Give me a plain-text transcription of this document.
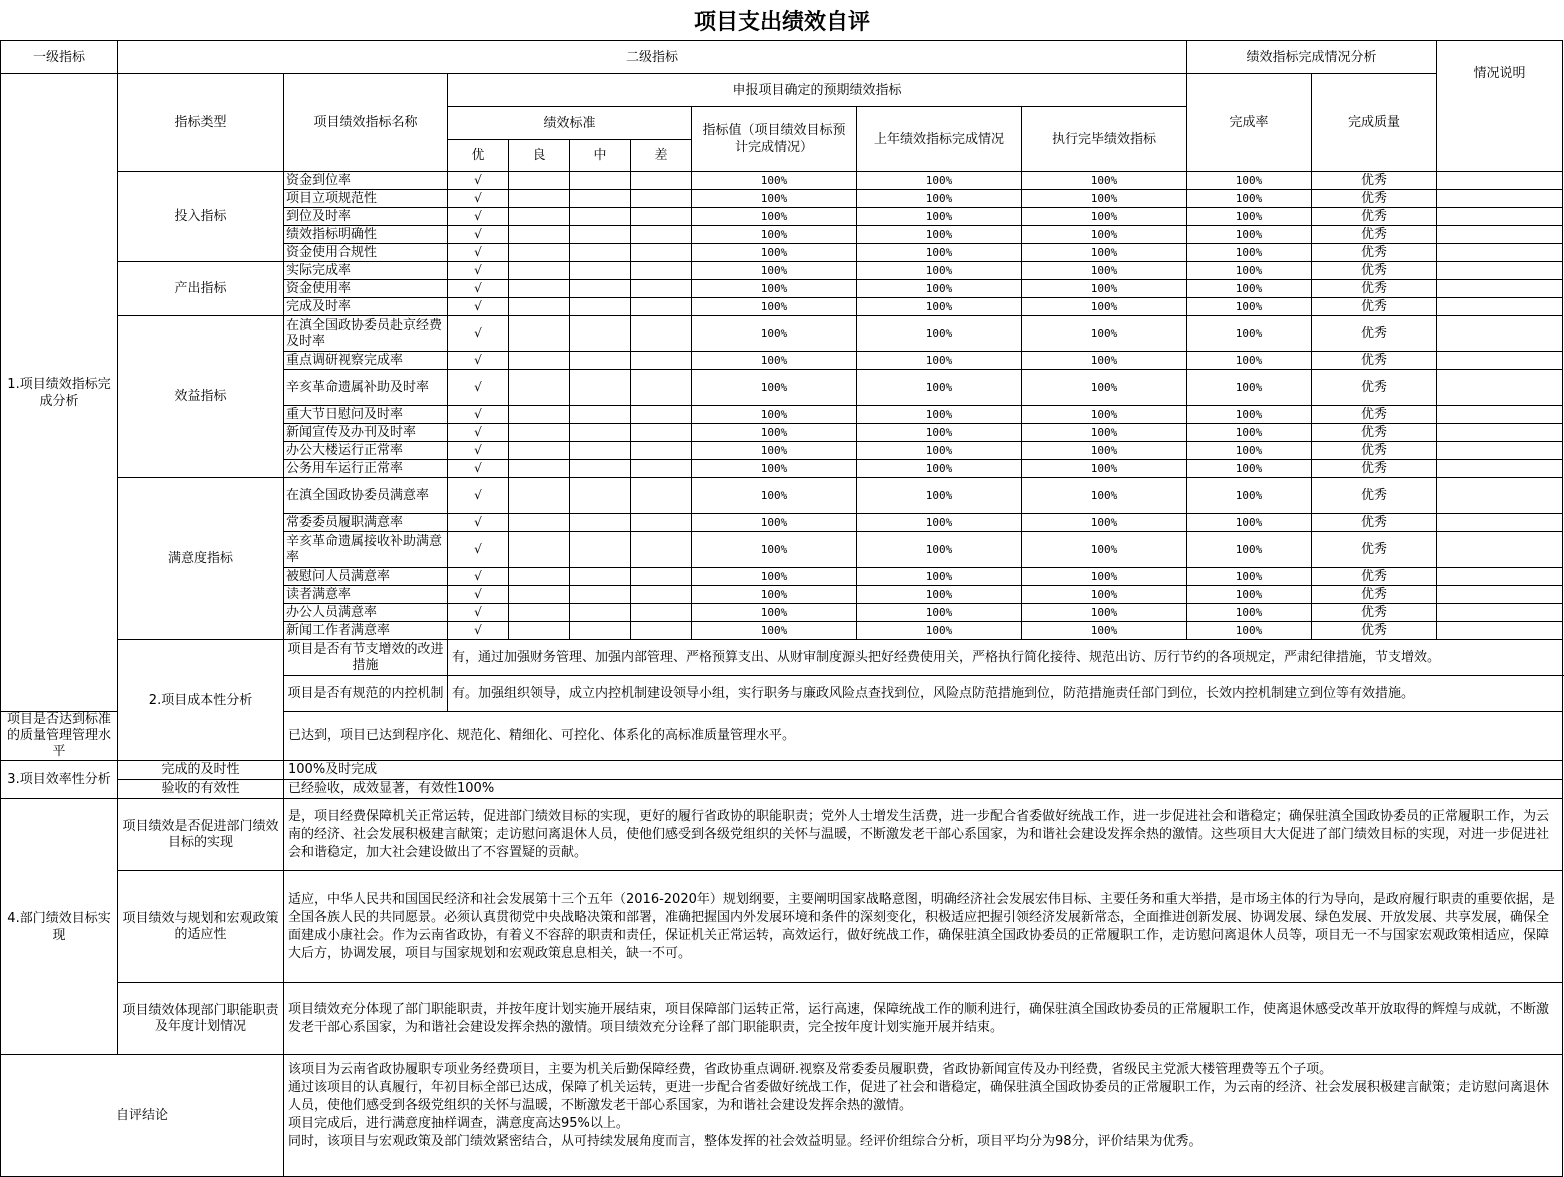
项目支出绩效自评
一级指标	二级指标									绩效指标完成情况分析		情况说明
1.项目绩效指标完成分析	指标类型	项目绩效指标名称	申报项目确定的预期绩效指标							完成率	完成质量	
			绩效标准				指标值（项目绩效目标预计完成情况）	上年绩效指标完成情况	执行完毕绩效指标			
			优	良	中	差						
	投入指标	资金到位率	√				100%	100%	100%	100%	优秀	
		项目立项规范性	√				100%	100%	100%	100%	优秀	
		到位及时率	√				100%	100%	100%	100%	优秀	
		绩效指标明确性	√				100%	100%	100%	100%	优秀	
		资金使用合规性	√				100%	100%	100%	100%	优秀	
	产出指标	实际完成率	√				100%	100%	100%	100%	优秀	
		资金使用率	√				100%	100%	100%	100%	优秀	
		完成及时率	√				100%	100%	100%	100%	优秀	
	效益指标	在滇全国政协委员赴京经费及时率	√				100%	100%	100%	100%	优秀	
		重点调研视察完成率	√				100%	100%	100%	100%	优秀	
		辛亥革命遗属补助及时率	√				100%	100%	100%	100%	优秀	
		重大节日慰问及时率	√				100%	100%	100%	100%	优秀	
		新闻宣传及办刊及时率	√				100%	100%	100%	100%	优秀	
		办公大楼运行正常率	√				100%	100%	100%	100%	优秀	
		公务用车运行正常率	√				100%	100%	100%	100%	优秀	
	满意度指标	在滇全国政协委员满意率	√				100%	100%	100%	100%	优秀	
		常委委员履职满意率	√				100%	100%	100%	100%	优秀	
		辛亥革命遗属接收补助满意率	√				100%	100%	100%	100%	优秀	
		被慰问人员满意率	√				100%	100%	100%	100%	优秀	
		读者满意率	√				100%	100%	100%	100%	优秀	
		办公人员满意率	√				100%	100%	100%	100%	优秀	
		新闻工作者满意率	√				100%	100%	100%	100%	优秀	
	2.项目成本性分析	项目是否有节支增效的改进措施	有，通过加强财务管理、加强内部管理、严格预算支出、从财审制度源头把好经费使用关，严格执行简化接待、规范出访、厉行节约的各项规定，严肃纪律措施，节支增效。									
		项目是否有规范的内控机制	有。加强组织领导，成立内控机制建设领导小组，实行职务与廉政风险点查找到位，风险点防范措施到位，防范措施责任部门到位，长效内控机制建立到位等有效措施。									
项目是否达到标准的质量管理管理水平		已达到，项目已达到程序化、规范化、精细化、可控化、体系化的高标准质量管理水平。										
3.项目效率性分析	完成的及时性	100%及时完成										
	验收的有效性	已经验收，成效显著，有效性100%										
4.部门绩效目标实现	项目绩效是否促进部门绩效目标的实现	是，项目经费保障机关正常运转，促进部门绩效目标的实现，更好的履行省政协的职能职责；党外人士增发生活费，进一步配合省委做好统战工作，进一步促进社会和谐稳定；确保驻滇全国政协委员的正常履职工作，为云南的经济、社会发展积极建言献策；走访慰问离退休人员，使他们感受到各级党组织的关怀与温暖，不断激发老干部心系国家，为和谐社会建设发挥余热的激情。这些项目大大促进了部门绩效目标的实现，对进一步促进社会和谐稳定，加大社会建设做出了不容置疑的贡献。										
	项目绩效与规划和宏观政策的适应性	适应，中华人民共和国国民经济和社会发展第十三个五年（2016-2020年）规划纲要，主要阐明国家战略意图，明确经济社会发展宏伟目标、主要任务和重大举措，是市场主体的行为导向，是政府履行职责的重要依据，是全国各族人民的共同愿景。必须认真贯彻党中央战略决策和部署，准确把握国内外发展环境和条件的深刻变化，积极适应把握引领经济发展新常态，全面推进创新发展、协调发展、绿色发展、开放发展、共享发展，确保全面建成小康社会。作为云南省政协，有着义不容辞的职责和责任，保证机关正常运转，高效运行，做好统战工作，确保驻滇全国政协委员的正常履职工作，走访慰问离退休人员等，项目无一不与国家宏观政策相适应，保障大后方，协调发展，项目与国家规划和宏观政策息息相关，缺一不可。										
	项目绩效体现部门职能职责及年度计划情况	项目绩效充分体现了部门职能职责，并按年度计划实施开展结束，项目保障部门运转正常，运行高速，保障统战工作的顺利进行，确保驻滇全国政协委员的正常履职工作，使离退休感受改革开放取得的辉煌与成就，不断激发老干部心系国家，为和谐社会建设发挥余热的激情。项目绩效充分诠释了部门职能职责，完全按年度计划实施开展并结束。										
自评结论		该项目为云南省政协履职专项业务经费项目，主要为机关后勤保障经费，省政协重点调研.视察及常委委员履职费，省政协新闻宣传及办刊经费，省级民主党派大楼管理费等五个子项。
通过该项目的认真履行，年初目标全部已达成，保障了机关运转，更进一步配合省委做好统战工作，促进了社会和谐稳定，确保驻滇全国政协委员的正常履职工作，为云南的经济、社会发展积极建言献策；走访慰问离退休人员，使他们感受到各级党组织的关怀与温暖，不断激发老干部心系国家，为和谐社会建设发挥余热的激情。
项目完成后，进行满意度抽样调查，满意度高达95%以上。
同时，该项目与宏观政策及部门绩效紧密结合，从可持续发展角度而言，整体发挥的社会效益明显。经评价组综合分析，项目平均分为98分，评价结果为优秀。										
